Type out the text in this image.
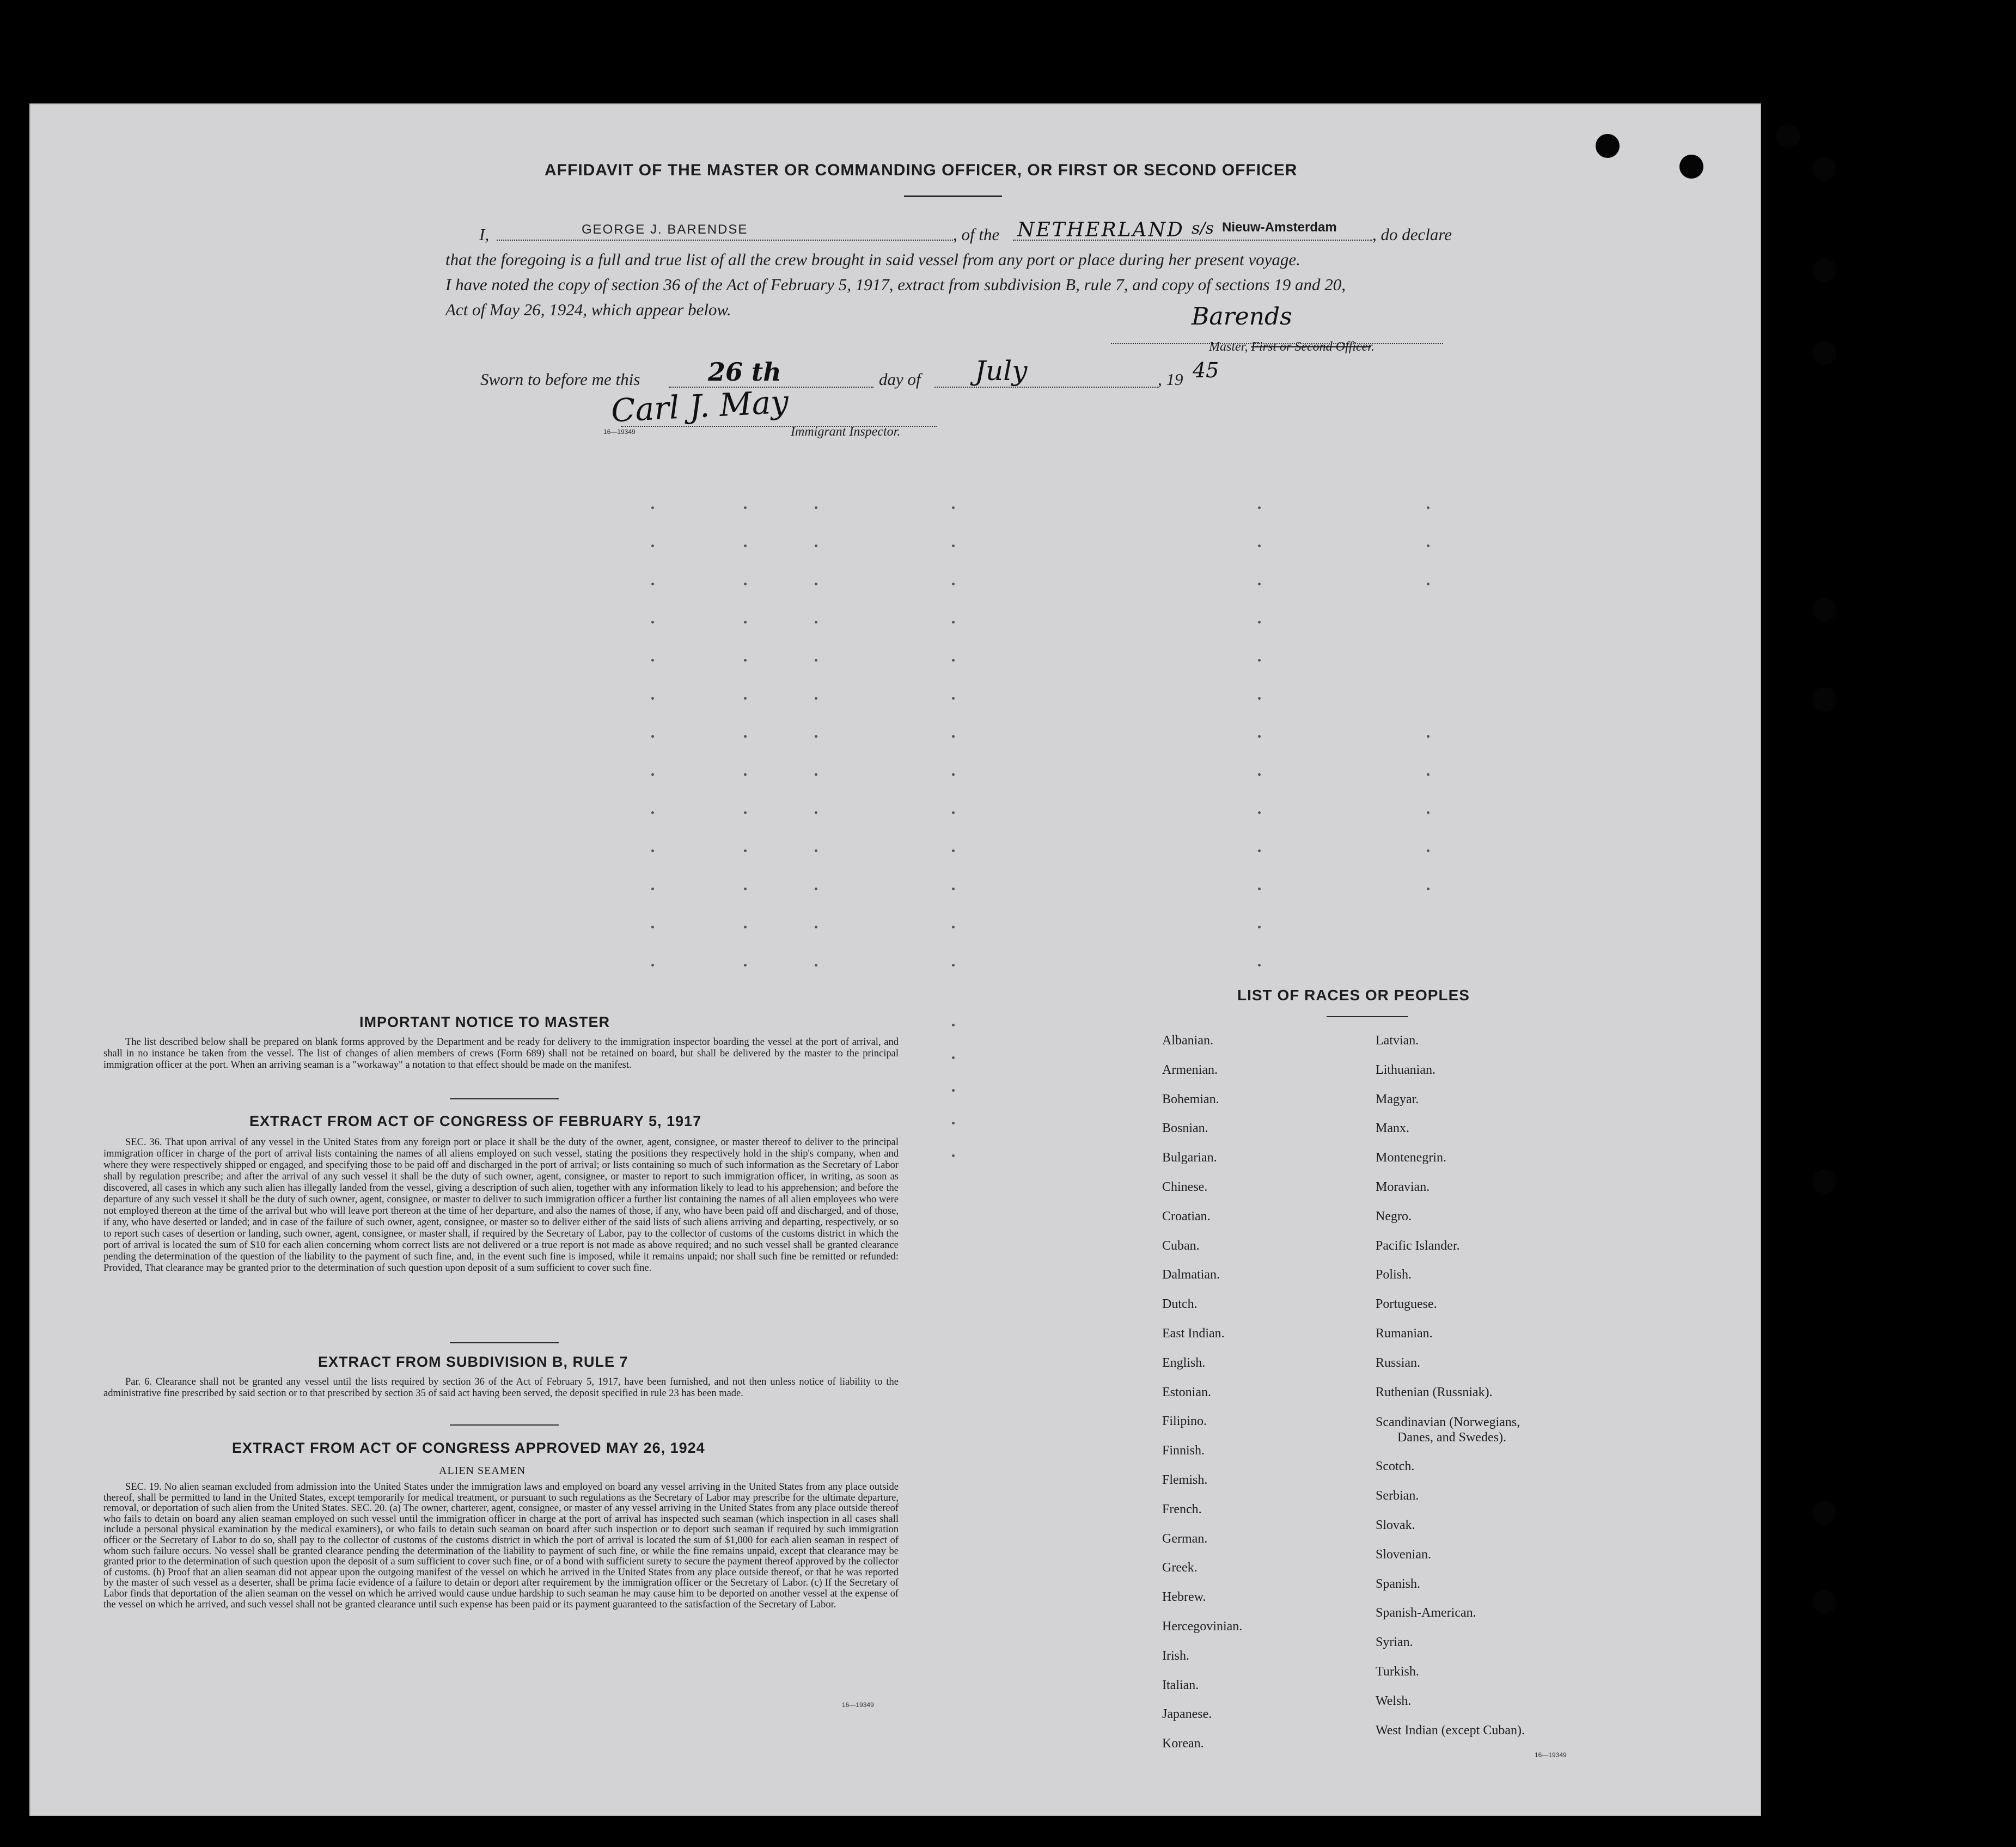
AFFIDAVIT OF THE MASTER OR COMMANDING OFFICER, OR FIRST OR SECOND OFFICER
I,	GEORGE J. BARENDSE	, of the NETHERLAND s/s Nieuw-Amsterdam , do declare
that the foregoing is a full and true list of all the crew brought in said vessel from any port or place during her present voyage.
I have noted the copy of section 36 of the Act of February 5, 1917, extract from subdivision B, rule 7, and copy of sections 19 and 20,
Act of May 26, 1924, which appear below.	Barends
Master, First or Second Officer.
Sworn to before me this	26 th	day of July	, 19 45
Carl J. May
16—19349	Immigrant Inspector.
IMPORTANT NOTICE TO MASTER
The list described below shall be prepared on blank forms approved by the Department and be ready for delivery to the immigration inspector boarding the vessel at the port of arrival, and shall in no instance be taken from the vessel. The list of changes of alien members of crews (Form 689) shall not be retained on board, but shall be delivered by the master to the principal immigration officer at the port. When an arriving seaman is a "workaway" a notation to that effect should be made on the manifest.
EXTRACT FROM ACT OF CONGRESS OF FEBRUARY 5, 1917
SEC. 36. That upon arrival of any vessel in the United States from any foreign port or place it shall be the duty of the owner, agent, consignee, or master thereof to deliver to the principal immigration officer in charge of the port of arrival lists containing the names of all aliens employed on such vessel, stating the positions they respectively hold in the ship's company, when and where they were respectively shipped or engaged, and specifying those to be paid off and discharged in the port of arrival; or lists containing so much of such information as the Secretary of Labor shall by regulation prescribe; and after the arrival of any such vessel it shall be the duty of such owner, agent, consignee, or master to report to such immigration officer, in writing, as soon as discovered, all cases in which any such alien has illegally landed from the vessel, giving a description of such alien, together with any information likely to lead to his apprehension; and before the departure of any such vessel it shall be the duty of such owner, agent, consignee, or master to deliver to such immigration officer a further list containing the names of all alien employees who were not employed thereon at the time of the arrival but who will leave port thereon at the time of her departure, and also the names of those, if any, who have been paid off and discharged, and of those, if any, who have deserted or landed; and in case of the failure of such owner, agent, consignee, or master so to deliver either of the said lists of such aliens arriving and departing, respectively, or so to report such cases of desertion or landing, such owner, agent, consignee, or master shall, if required by the Secretary of Labor, pay to the collector of customs of the customs district in which the port of arrival is located the sum of $10 for each alien concerning whom correct lists are not delivered or a true report is not made as above required; and no such vessel shall be granted clearance pending the determination of the question of the liability to the payment of such fine, and, in the event such fine is imposed, while it remains unpaid; nor shall such fine be remitted or refunded: Provided, That clearance may be granted prior to the determination of such question upon deposit of a sum sufficient to cover such fine.
EXTRACT FROM SUBDIVISION B, RULE 7
Par. 6. Clearance shall not be granted any vessel until the lists required by section 36 of the Act of February 5, 1917, have been furnished, and not then unless notice of liability to the administrative fine prescribed by said section or to that prescribed by section 35 of said act having been served, the deposit specified in rule 23 has been made.
EXTRACT FROM ACT OF CONGRESS APPROVED MAY 26, 1924
ALIEN SEAMEN
SEC. 19. No alien seaman excluded from admission into the United States under the immigration laws and employed on board any vessel arriving in the United States from any place outside thereof, shall be permitted to land in the United States, except temporarily for medical treatment, or pursuant to such regulations as the Secretary of Labor may prescribe for the ultimate departure, removal, or deportation of such alien from the United States. SEC. 20. (a) The owner, charterer, agent, consignee, or master of any vessel arriving in the United States from any place outside thereof who fails to detain on board any alien seaman employed on such vessel until the immigration officer in charge at the port of arrival has inspected such seaman (which inspection in all cases shall include a personal physical examination by the medical examiners), or who fails to detain such seaman on board after such inspection or to deport such seaman if required by such immigration officer or the Secretary of Labor to do so, shall pay to the collector of customs of the customs district in which the port of arrival is located the sum of $1,000 for each alien seaman in respect of whom such failure occurs. No vessel shall be granted clearance pending the determination of the liability to payment of such fine, or while the fine remains unpaid, except that clearance may be granted prior to the determination of such question upon the deposit of a sum sufficient to cover such fine, or of a bond with sufficient surety to secure the payment thereof approved by the collector of customs. (b) Proof that an alien seaman did not appear upon the outgoing manifest of the vessel on which he arrived in the United States from any place outside thereof, or that he was reported by the master of such vessel as a deserter, shall be prima facie evidence of a failure to detain or deport after requirement by the immigration officer or the Secretary of Labor. (c) If the Secretary of Labor finds that deportation of the alien seaman on the vessel on which he arrived would cause undue hardship to such seaman he may cause him to be deported on another vessel at the expense of the vessel on which he arrived, and such vessel shall not be granted clearance until such expense has been paid or its payment guaranteed to the satisfaction of the Secretary of Labor.
16—19349
LIST OF RACES OR PEOPLES
Albanian.
Armenian.
Bohemian.
Bosnian.
Bulgarian.
Chinese.
Croatian.
Cuban.
Dalmatian.
Dutch.
East Indian.
English.
Estonian.
Filipino.
Finnish.
Flemish.
French.
German.
Greek.
Hebrew.
Hercegovinian.
Irish.
Italian.
Japanese.
Korean.
Latvian.
Lithuanian.
Magyar.
Manx.
Montenegrin.
Moravian.
Negro.
Pacific Islander.
Polish.
Portuguese.
Rumanian.
Russian.
Ruthenian (Russniak).
Scandinavian (Norwegians,
Danes, and Swedes).
Scotch.
Serbian.
Slovak.
Slovenian.
Spanish.
Spanish-American.
Syrian.
Turkish.
Welsh.
West Indian (except Cuban).
16—19349
